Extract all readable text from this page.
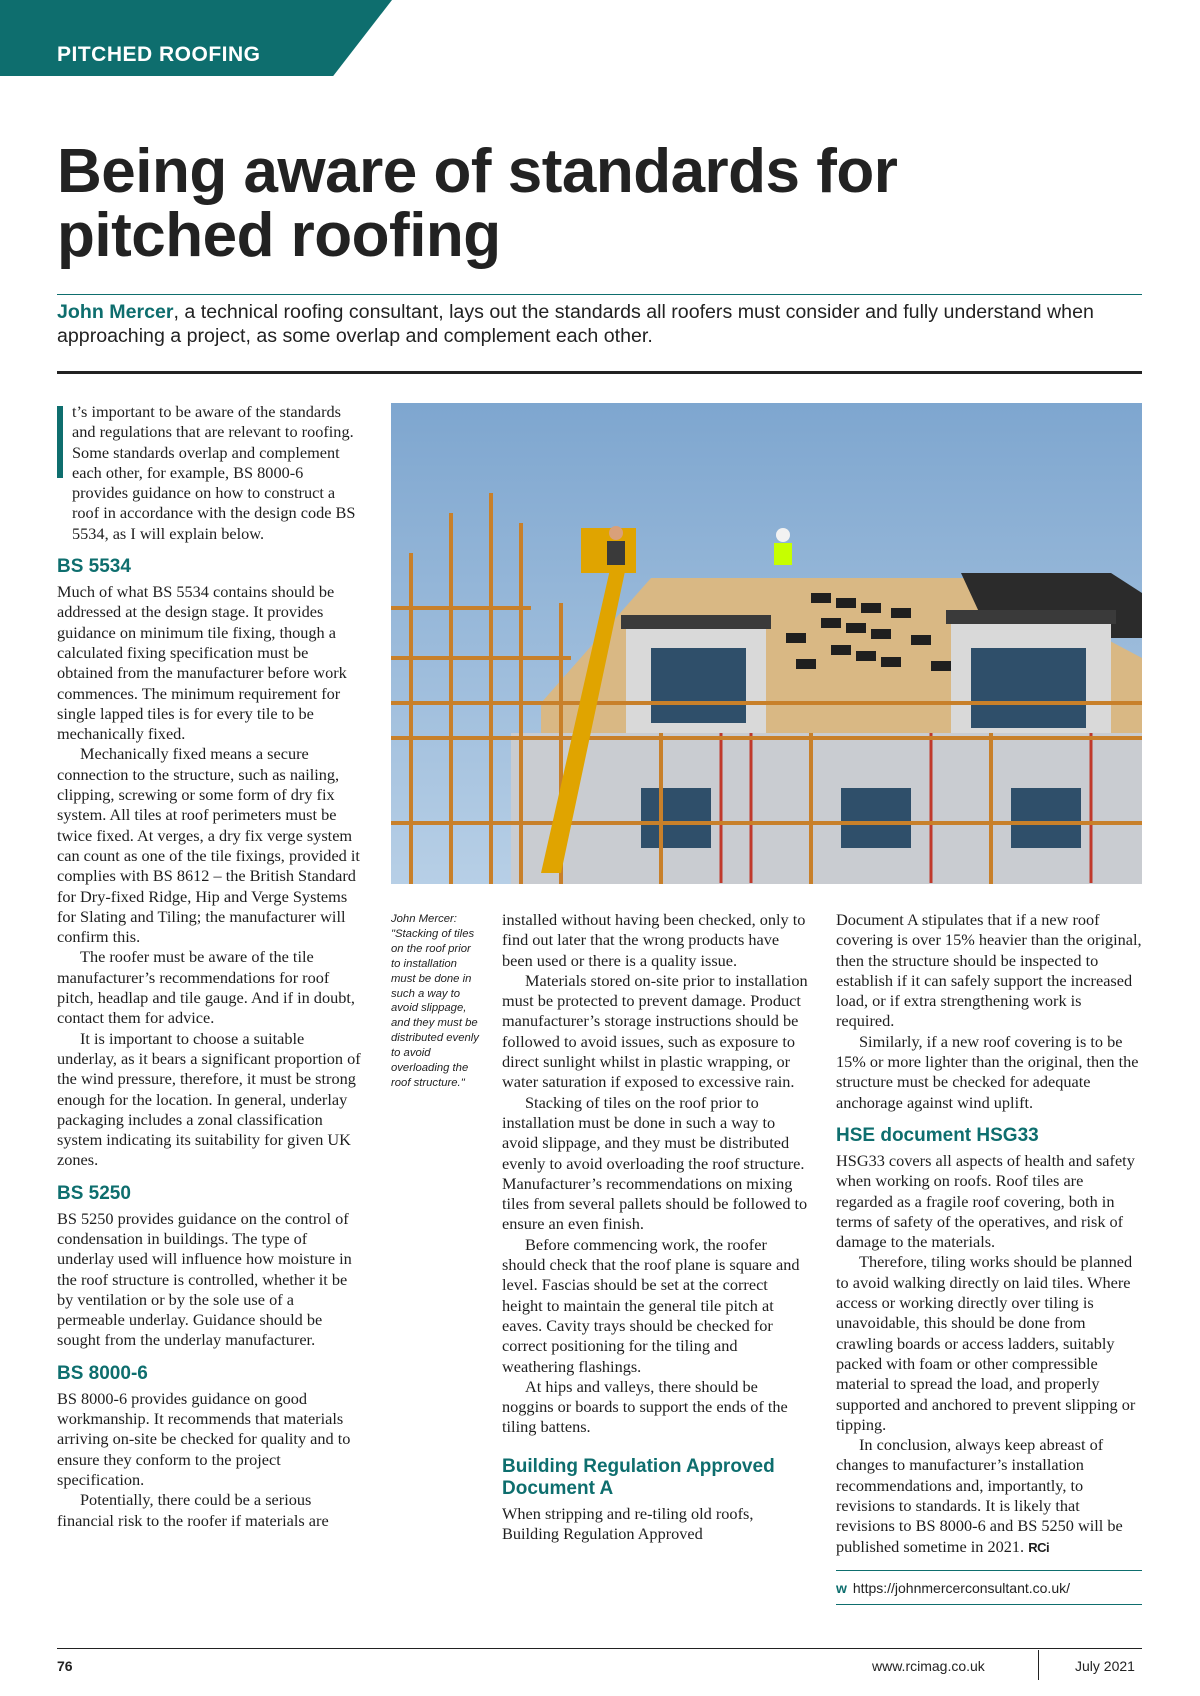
PITCHED ROOFING
Being aware of standards for pitched roofing

John Mercer, a technical roofing consultant, lays out the standards all roofers must consider and fully understand when approaching a project, as some overlap and complement each other.

t’s important to be aware of the standards and regulations that are relevant to roofing. Some standards overlap and complement each other, for example, BS 8000-6 provides guidance on how to construct a roof in accordance with the design code BS 5534, as I will explain below.

BS 5534

Much of what BS 5534 contains should be addressed at the design stage. It provides guidance on minimum tile fixing, though a calculated fixing specification must be obtained from the manufacturer before work commences. The minimum requirement for single lapped tiles is for every tile to be mechanically fixed.

Mechanically fixed means a secure connection to the structure, such as nailing, clipping, screwing or some form of dry fix system. All tiles at roof perimeters must be twice fixed. At verges, a dry fix verge system can count as one of the tile fixings, provided it complies with BS 8612 – the British Standard for Dry-fixed Ridge, Hip and Verge Systems for Slating and Tiling; the manufacturer will confirm this.

The roofer must be aware of the tile manufacturer’s recommendations for roof pitch, headlap and tile gauge. And if in doubt, contact them for advice.

It is important to choose a suitable underlay, as it bears a significant proportion of the wind pressure, therefore, it must be strong enough for the location. In general, underlay packaging includes a zonal classification system indicating its suitability for given UK zones.

BS 5250

BS 5250 provides guidance on the control of condensation in buildings. The type of underlay used will influence how moisture in the roof structure is controlled, whether it be by ventilation or by the sole use of a permeable underlay. Guidance should be sought from the underlay manufacturer.

BS 8000-6

BS 8000-6 provides guidance on good workmanship. It recommends that materials arriving on-site be checked for quality and to ensure they conform to the project specification.

Potentially, there could be a serious financial risk to the roofer if materials are

John Mercer: "Stacking of tiles on the roof prior to installation must be done in such a way to avoid slippage, and they must be distributed evenly to avoid overloading the roof structure."

installed without having been checked, only to find out later that the wrong products have been used or there is a quality issue.

Materials stored on-site prior to installation must be protected to prevent damage. Product manufacturer’s storage instructions should be followed to avoid issues, such as exposure to direct sunlight whilst in plastic wrapping, or water saturation if exposed to excessive rain.

Stacking of tiles on the roof prior to installation must be done in such a way to avoid slippage, and they must be distributed evenly to avoid overloading the roof structure. Manufacturer’s recommendations on mixing tiles from several pallets should be followed to ensure an even finish.

Before commencing work, the roofer should check that the roof plane is square and level. Fascias should be set at the correct height to maintain the general tile pitch at eaves. Cavity trays should be checked for correct positioning for the tiling and weathering flashings.

At hips and valleys, there should be noggins or boards to support the ends of the tiling battens.

Building Regulation Approved Document A

When stripping and re-tiling old roofs, Building Regulation Approved

Document A stipulates that if a new roof covering is over 15% heavier than the original, then the structure should be inspected to establish if it can safely support the increased load, or if extra strengthening work is required.

Similarly, if a new roof covering is to be 15% or more lighter than the original, then the structure must be checked for adequate anchorage against wind uplift.

HSE document HSG33

HSG33 covers all aspects of health and safety when working on roofs. Roof tiles are regarded as a fragile roof covering, both in terms of safety of the operatives, and risk of damage to the materials.

Therefore, tiling works should be planned to avoid walking directly on laid tiles. Where access or working directly over tiling is unavoidable, this should be done from crawling boards or access ladders, suitably packed with foam or other compressible material to spread the load, and properly supported and anchored to prevent slipping or tipping.

In conclusion, always keep abreast of changes to manufacturer’s installation recommendations and, importantly, to revisions to standards. It is likely that revisions to BS 8000-6 and BS 5250 will be published sometime in 2021. RCi

w https://johnmercerconsultant.co.uk/
76	www.rcimag.co.uk	July 2021
